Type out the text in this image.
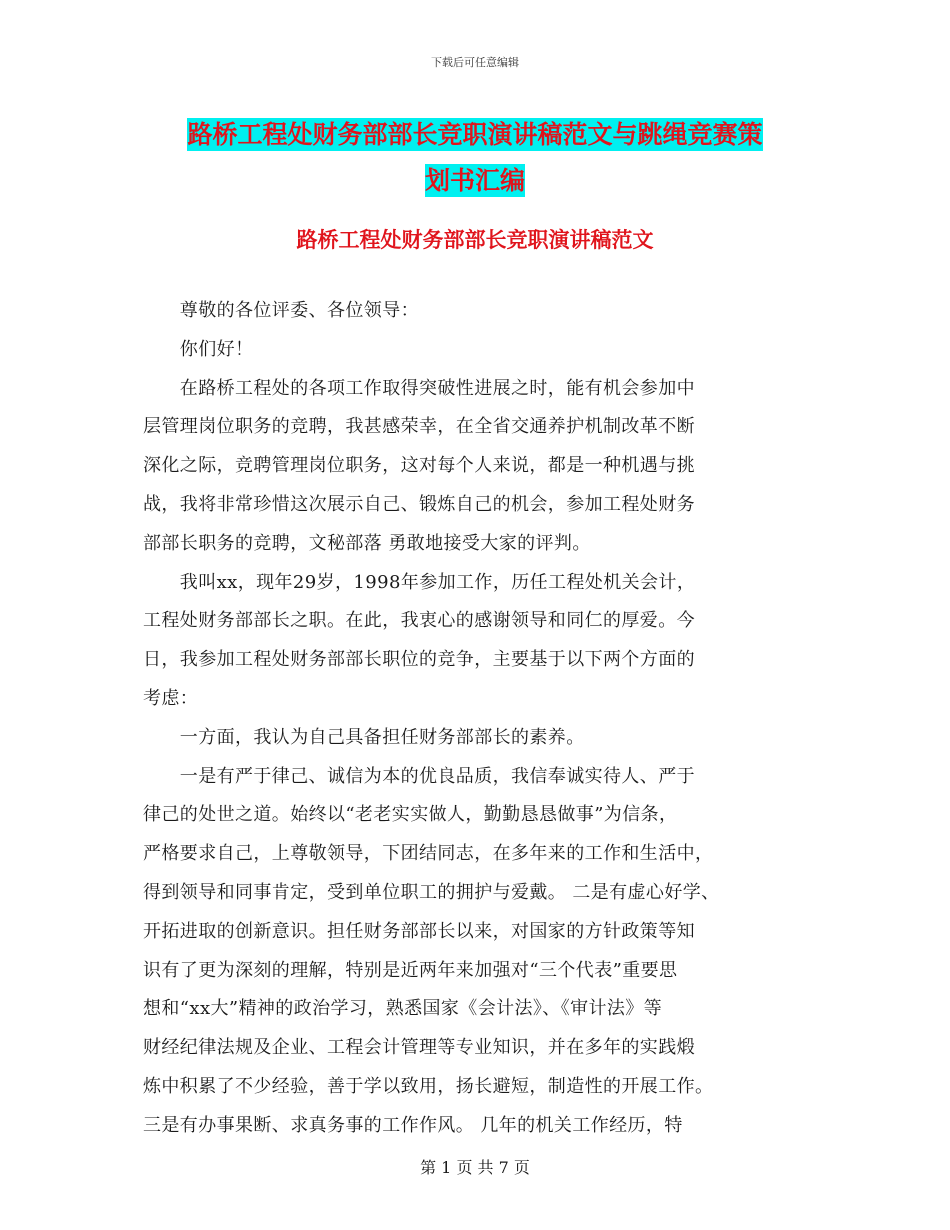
下载后可任意编辑
路桥工程处财务部部长竞职演讲稿范文与跳绳竞赛策
划书汇编
路桥工程处财务部部长竞职演讲稿范文
　　尊敬的各位评委、各位领导：
　　你们好！
　　在路桥工程处的各项工作取得突破性进展之时，能有机会参加中
层管理岗位职务的竞聘，我甚感荣幸，在全省交通养护机制改革不断
深化之际，竞聘管理岗位职务，这对每个人来说，都是一种机遇与挑
战，我将非常珍惜这次展示自己、锻炼自己的机会，参加工程处财务
部部长职务的竞聘，文秘部落 勇敢地接受大家的评判。
　　我叫xx，现年29岁，1998年参加工作，历任工程处机关会计，
工程处财务部部长之职。在此，我衷心的感谢领导和同仁的厚爱。今
日，我参加工程处财务部部长职位的竞争，主要基于以下两个方面的
考虑：
　　一方面，我认为自己具备担任财务部部长的素养。
　　一是有严于律己、诚信为本的优良品质，我信奉诚实待人、严于
律己的处世之道。始终以“老老实实做人，勤勤恳恳做事”为信条，
严格要求自己，上尊敬领导，下团结同志，在多年来的工作和生活中，
得到领导和同事肯定，受到单位职工的拥护与爱戴。 二是有虚心好学、
开拓进取的创新意识。担任财务部部长以来，对国家的方针政策等知
识有了更为深刻的理解，特别是近两年来加强对“三个代表”重要思
想和“xx大”精神的政治学习，熟悉国家《会计法》、《审计法》等
财经纪律法规及企业、工程会计管理等专业知识，并在多年的实践煅
炼中积累了不少经验，善于学以致用，扬长避短，制造性的开展工作。
三是有办事果断、求真务事的工作作风。 几年的机关工作经历，特
第 1 页 共 7 页
